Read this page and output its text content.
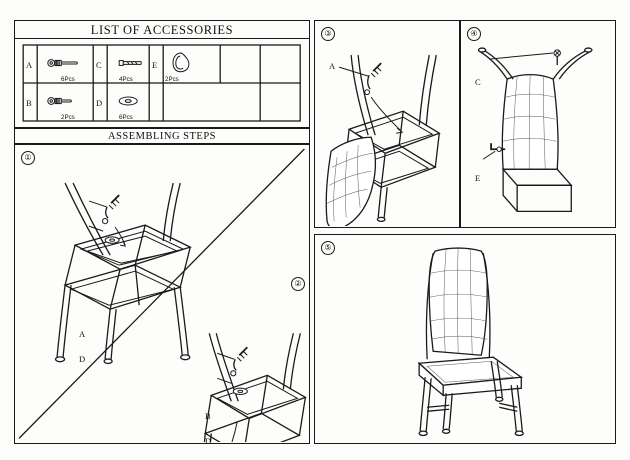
LIST OF ACCESSORIES
A
B
C
D
E
6Pcs
2Pcs
4Pcs
6Pcs
2Pcs
ASSEMBLING STEPS
①
②
A
D
B
D
③
A
④
C
E
⑤
